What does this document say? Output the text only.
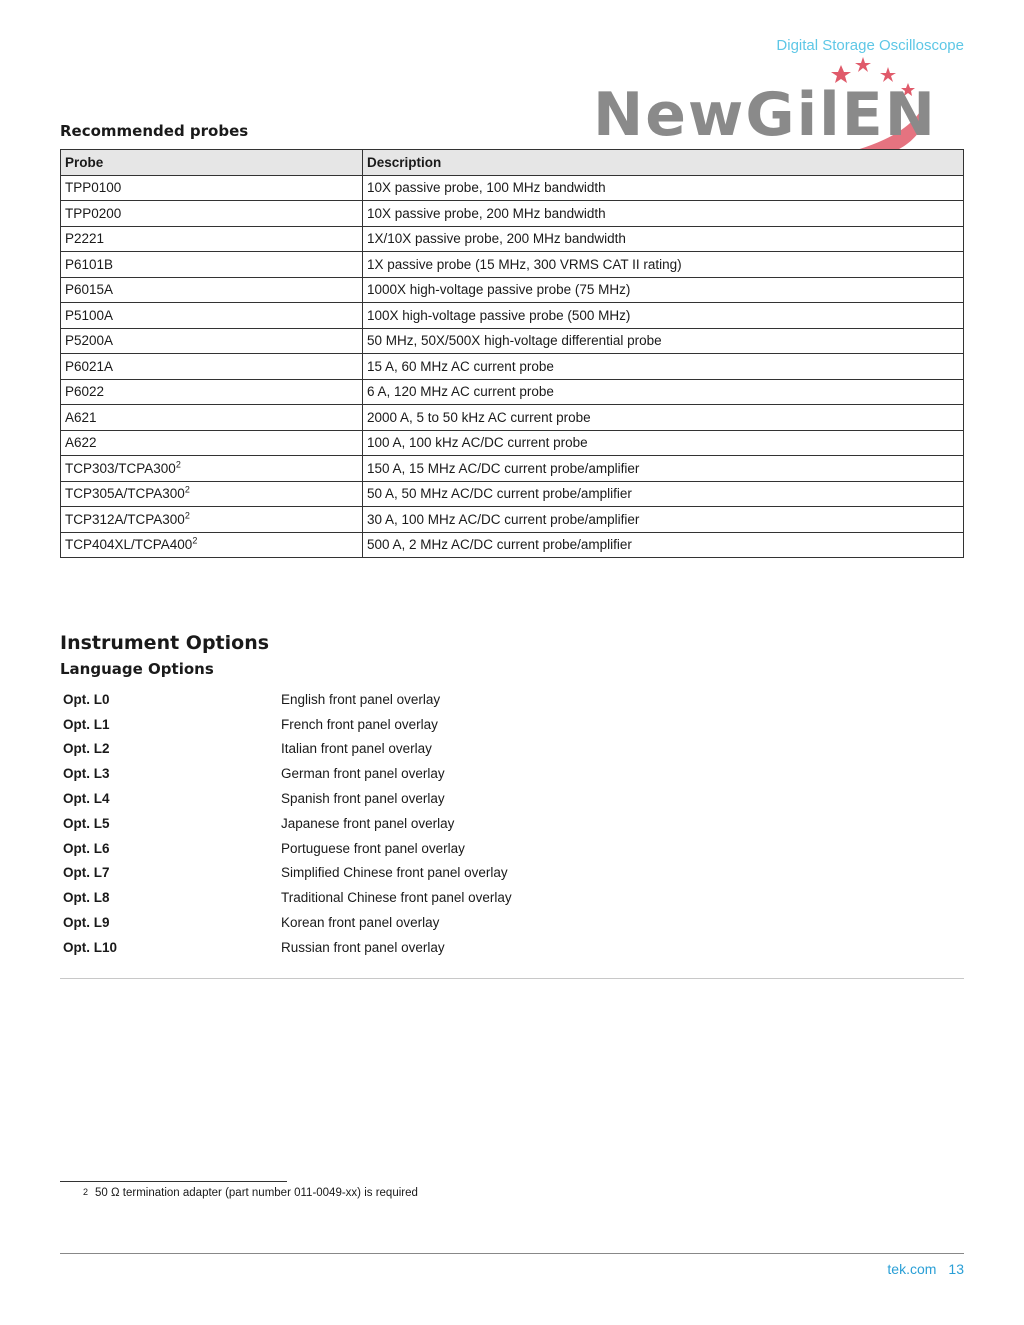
Digital Storage Oscilloscope
NewGilEN
Recommended probes
Probe	Description
TPP0100	10X passive probe, 100 MHz bandwidth
TPP0200	10X passive probe, 200 MHz bandwidth
P2221	1X/10X passive probe, 200 MHz bandwidth
P6101B	1X passive probe (15 MHz, 300 VRMS CAT II rating)
P6015A	1000X high-voltage passive probe (75 MHz)
P5100A	100X high-voltage passive probe (500 MHz)
P5200A	50 MHz, 50X/500X high-voltage differential probe
P6021A	15 A, 60 MHz AC current probe
P6022	6 A, 120 MHz AC current probe
A621	2000 A, 5 to 50 kHz AC current probe
A622	100 A, 100 kHz AC/DC current probe
$TCP303/TCPA300^2$	150 A, 15 MHz AC/DC current probe/amplifier
$TCP305A/TCPA300^2$	50 A, 50 MHz AC/DC current probe/amplifier
$TCP312A/TCPA300^2$	30 A, 100 MHz AC/DC current probe/amplifier
$TCP404XL/TCPA400^2$	500 A, 2 MHz AC/DC current probe/amplifier
Instrument Options
Language Options
Opt. L0	English front panel overlay
Opt. L1	French front panel overlay
Opt. L2	Italian front panel overlay
Opt. L3	German front panel overlay
Opt. L4	Spanish front panel overlay
Opt. L5	Japanese front panel overlay
Opt. L6	Portuguese front panel overlay
Opt. L7	Simplified Chinese front panel overlay
Opt. L8	Traditional Chinese front panel overlay
Opt. L9	Korean front panel overlay
Opt. L10	Russian front panel overlay
$^2$ 50 Ω termination adapter (part number 011-0049-xx) is required
tek.com 13
